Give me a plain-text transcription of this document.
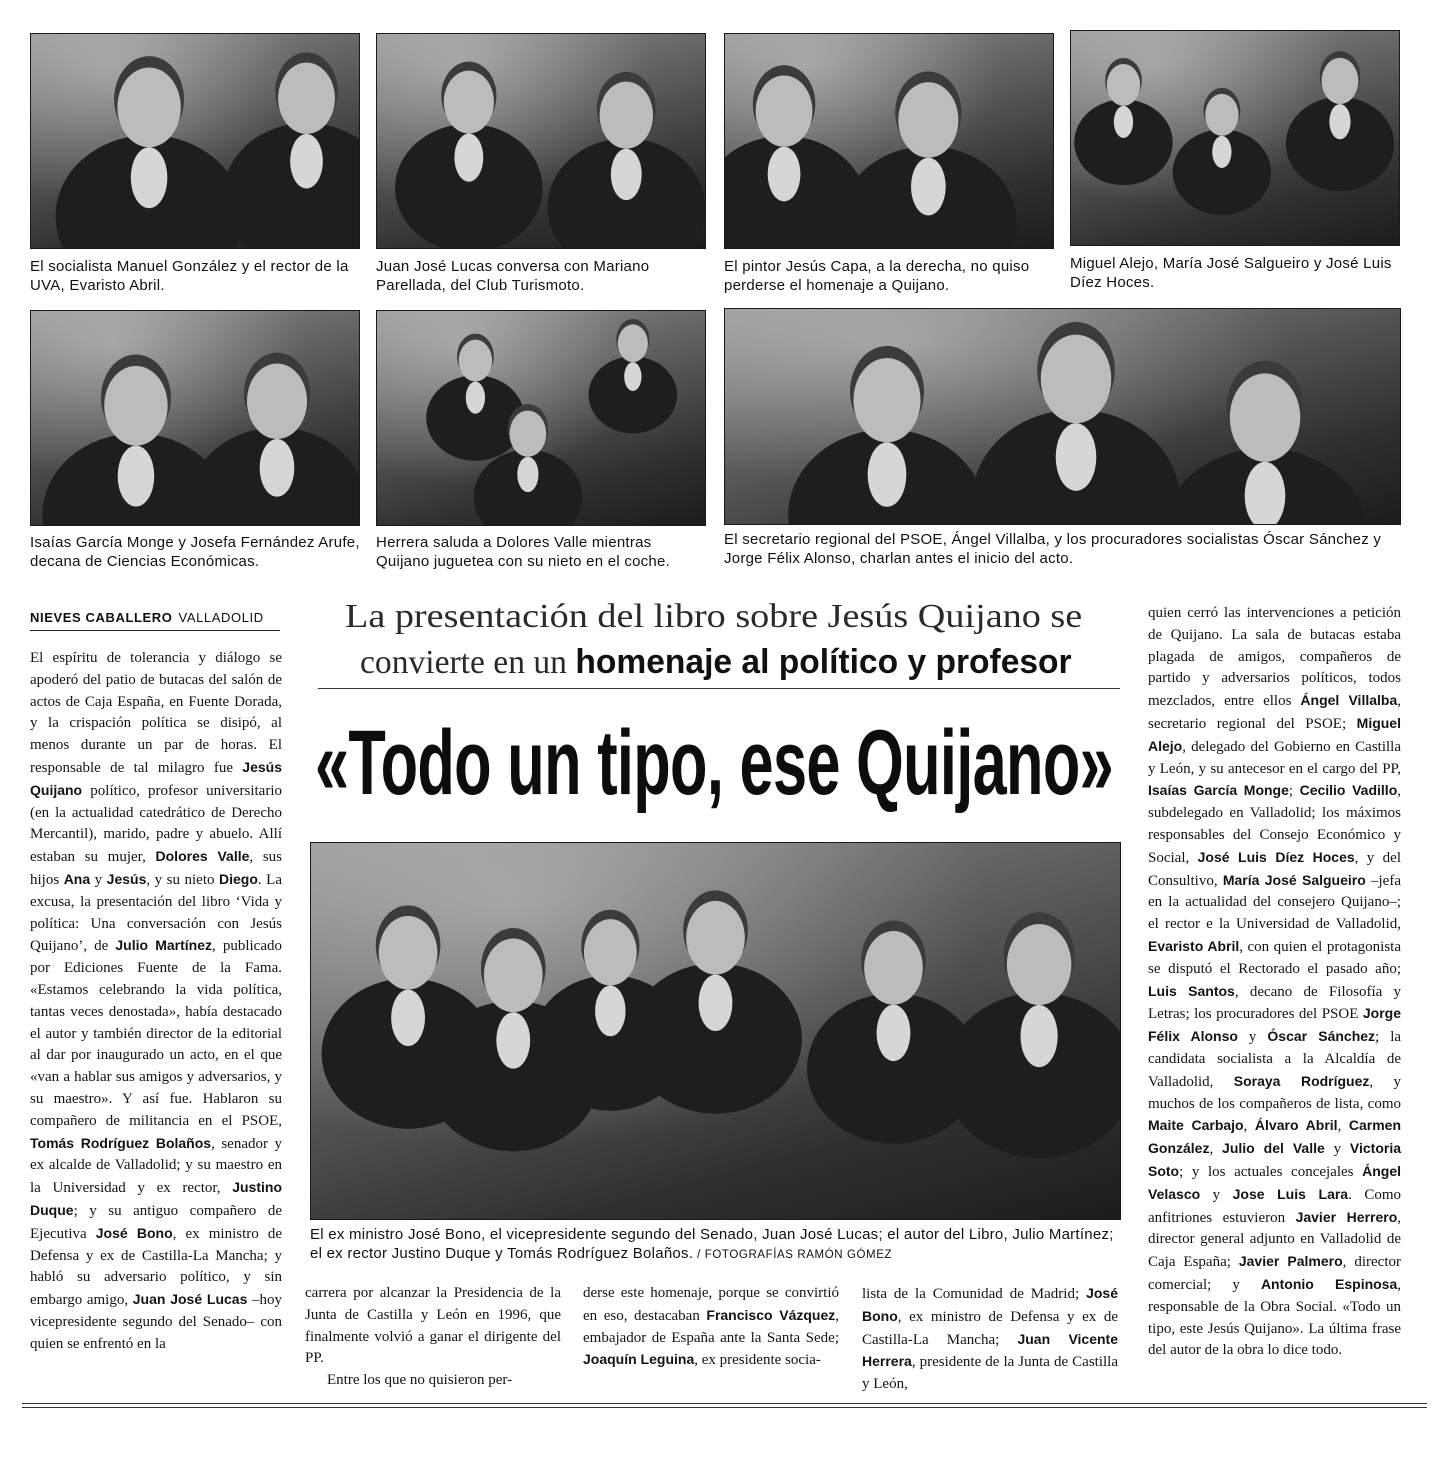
El socialista Manuel González y el rector de la UVA, Evaristo Abril.
Juan José Lucas conversa con Mariano Parellada, del Club Turismoto.
El pintor Jesús Capa, a la derecha, no quiso perderse el homenaje a Quijano.
Miguel Alejo, María José Salgueiro y José Luis Díez Hoces.
Isaías García Monge y Josefa Fernández Arufe, decana de Ciencias Económicas.
Herrera saluda a Dolores Valle mientras Quijano juguetea con su nieto en el coche.
El secretario regional del PSOE, Ángel Villalba, y los procuradores socialistas Óscar Sánchez y Jorge Félix Alonso, charlan antes el inicio del acto.
NIEVES CABALLERO VALLADOLID	La presentación del libro sobre Jesús Quijano se
convierte en un homenaje al político y profesor
«Todo un tipo, ese Quijano»
El ex ministro José Bono, el vicepresidente segundo del Senado, Juan José Lucas; el autor del Libro, Julio Martínez; el ex rector Justino Duque y Tomás Rodríguez Bolaños. / FOTOGRAFÍAS RAMÓN GÓMEZ

El espíritu de tolerancia y diálogo se apoderó del patio de butacas del salón de actos de Caja España, en Fuente Dorada, y la crispación política se disipó, al menos durante un par de horas. El responsable de tal milagro fue Jesús Quijano político, profesor universitario (en la actualidad catedrático de Derecho Mercantil), marido, padre y abuelo. Allí estaban su mujer, Dolores Valle, sus hijos Ana y Jesús, y su nieto Diego. La excusa, la presentación del libro ‘Vida y política: Una conversación con Jesús Quijano’, de Julio Martínez, publicado por Ediciones Fuente de la Fama. «Estamos celebrando la vida política, tantas veces denostada», había destacado el autor y también director de la editorial al dar por inaugurado un acto, en el que «van a hablar sus amigos y adversarios, y su maestro». Y así fue. Hablaron su compañero de militancia en el PSOE, Tomás Rodríguez Bolaños, senador y ex alcalde de Valladolid; y su maestro en la Universidad y ex rector, Justino Duque; y su antiguo compañero de Ejecutiva José Bono, ex ministro de Defensa y ex de Castilla-La Mancha; y habló su adversario político, y sin embargo amigo, Juan José Lucas –hoy vicepresidente segundo del Senado– con quien se enfrentó en la

carrera por alcanzar la Presidencia de la Junta de Castilla y León en 1996, que finalmente volvió a ganar el dirigente del PP.

Entre los que no quisieron per-

derse este homenaje, porque se convirtió en eso, destacaban Francisco Vázquez, embajador de España ante la Santa Sede; Joaquín Leguina, ex presidente socia-

lista de la Comunidad de Madrid; José Bono, ex ministro de Defensa y ex de Castilla-La Mancha; Juan Vicente Herrera, presidente de la Junta de Castilla y León,

quien cerró las intervenciones a petición de Quijano. La sala de butacas estaba plagada de amigos, compañeros de partido y adversarios políticos, todos mezclados, entre ellos Ángel Villalba, secretario regional del PSOE; Miguel Alejo, delegado del Gobierno en Castilla y León, y su antecesor en el cargo del PP, Isaías García Monge; Cecilio Vadillo, subdelegado en Valladolid; los máximos responsables del Consejo Económico y Social, José Luis Díez Hoces, y del Consultivo, María José Salgueiro –jefa en la actualidad del consejero Quijano–; el rector e la Universidad de Valladolid, Evaristo Abril, con quien el protagonista se disputó el Rectorado el pasado año; Luis Santos, decano de Filosofía y Letras; los procuradores del PSOE Jorge Félix Alonso y Óscar Sánchez; la candidata socialista a la Alcaldía de Valladolid, Soraya Rodríguez, y muchos de los compañeros de lista, como Maite Carbajo, Álvaro Abril, Carmen González, Julio del Valle y Victoria Soto; y los actuales concejales Ángel Velasco y Jose Luis Lara. Como anfitriones estuvieron Javier Herrero, director general adjunto en Valladolid de Caja España; Javier Palmero, director comercial; y Antonio Espinosa, responsable de la Obra Social. «Todo un tipo, este Jesús Quijano». La última frase del autor de la obra lo dice todo.
